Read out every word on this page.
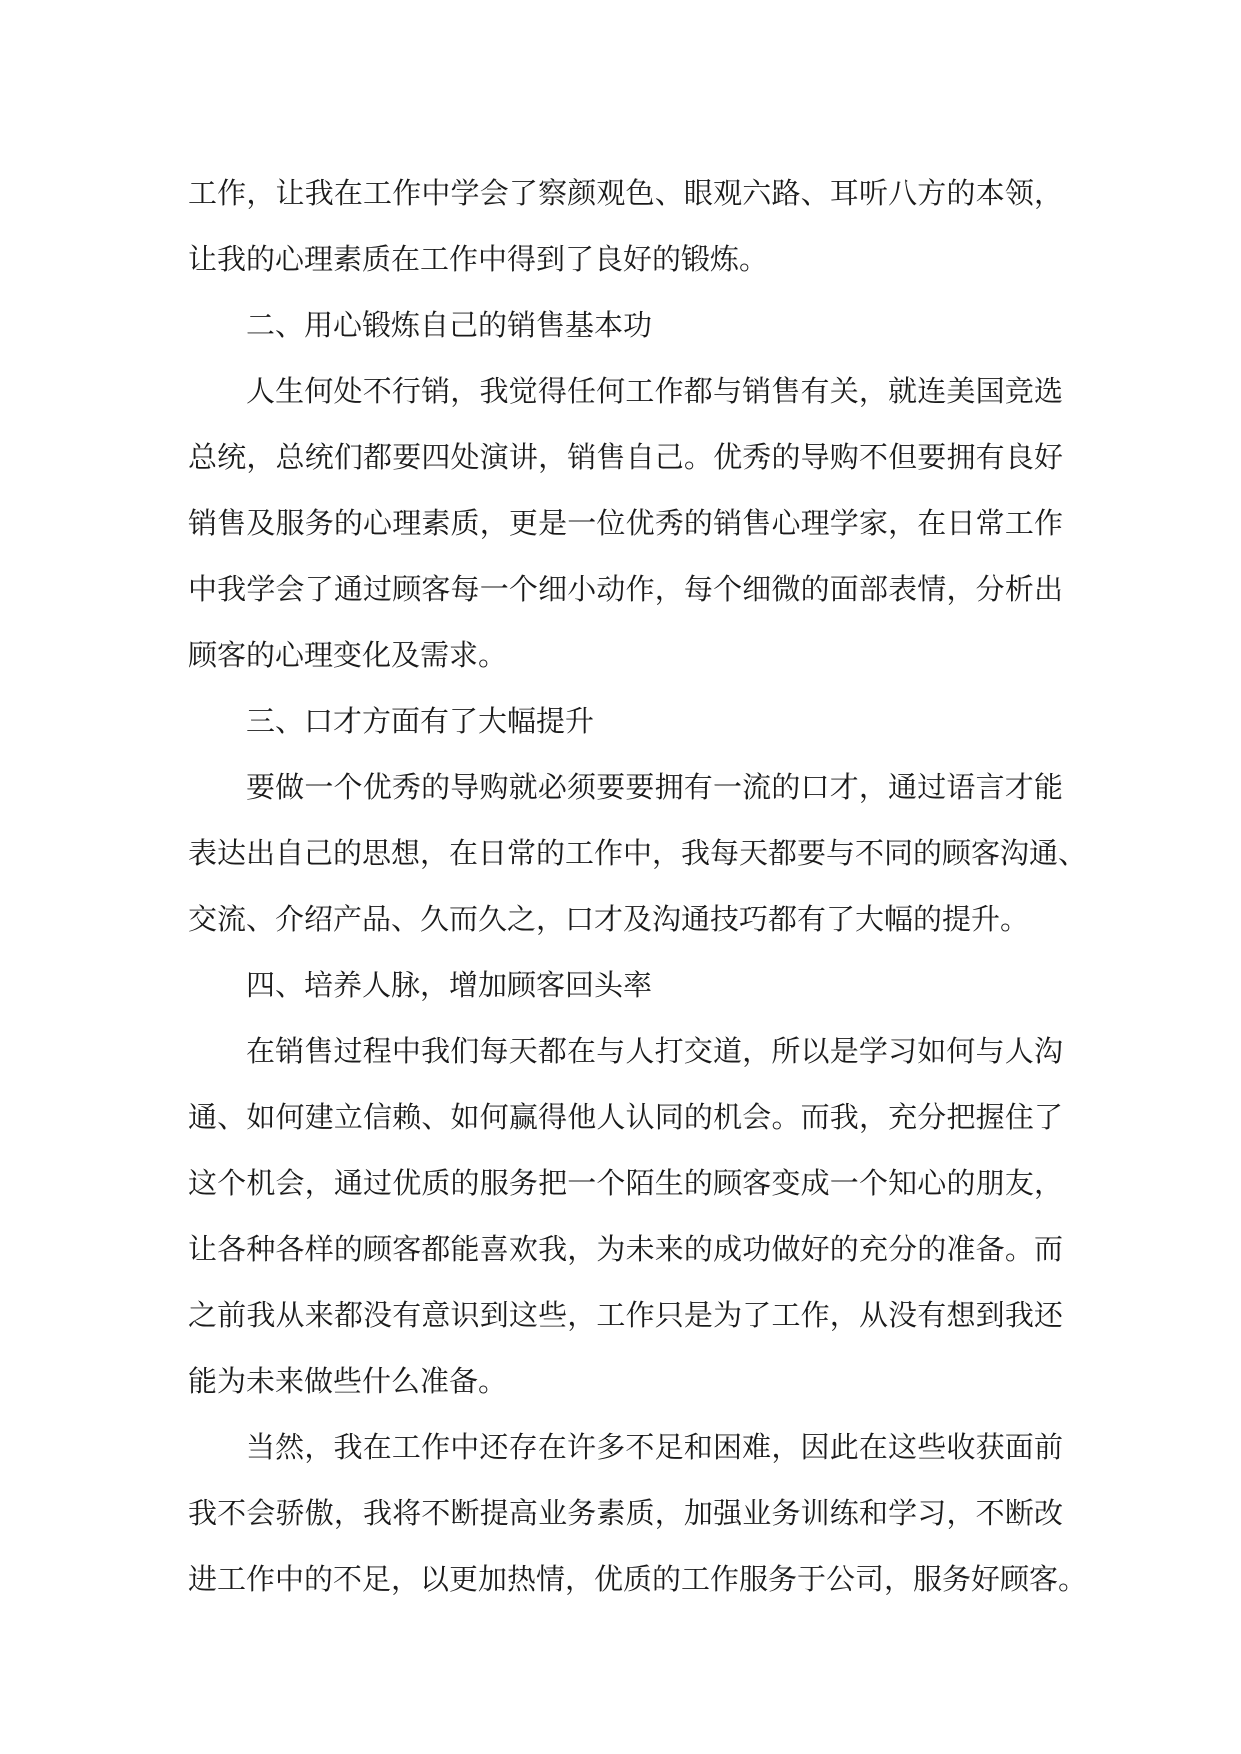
工作，让我在工作中学会了察颜观色、眼观六路、耳听八方的本领，
让我的心理素质在工作中得到了良好的锻炼。
二、用心锻炼自己的销售基本功
人生何处不行销，我觉得任何工作都与销售有关，就连美国竞选
总统，总统们都要四处演讲，销售自己。优秀的导购不但要拥有良好
销售及服务的心理素质，更是一位优秀的销售心理学家，在日常工作
中我学会了通过顾客每一个细小动作，每个细微的面部表情，分析出
顾客的心理变化及需求。
三、口才方面有了大幅提升
要做一个优秀的导购就必须要要拥有一流的口才，通过语言才能
表达出自己的思想，在日常的工作中，我每天都要与不同的顾客沟通、
交流、介绍产品、久而久之，口才及沟通技巧都有了大幅的提升。
四、培养人脉，增加顾客回头率
在销售过程中我们每天都在与人打交道，所以是学习如何与人沟
通、如何建立信赖、如何赢得他人认同的机会。而我，充分把握住了
这个机会，通过优质的服务把一个陌生的顾客变成一个知心的朋友，
让各种各样的顾客都能喜欢我，为未来的成功做好的充分的准备。而
之前我从来都没有意识到这些，工作只是为了工作，从没有想到我还
能为未来做些什么准备。
当然，我在工作中还存在许多不足和困难，因此在这些收获面前
我不会骄傲，我将不断提高业务素质，加强业务训练和学习，不断改
进工作中的不足，以更加热情，优质的工作服务于公司，服务好顾客。
